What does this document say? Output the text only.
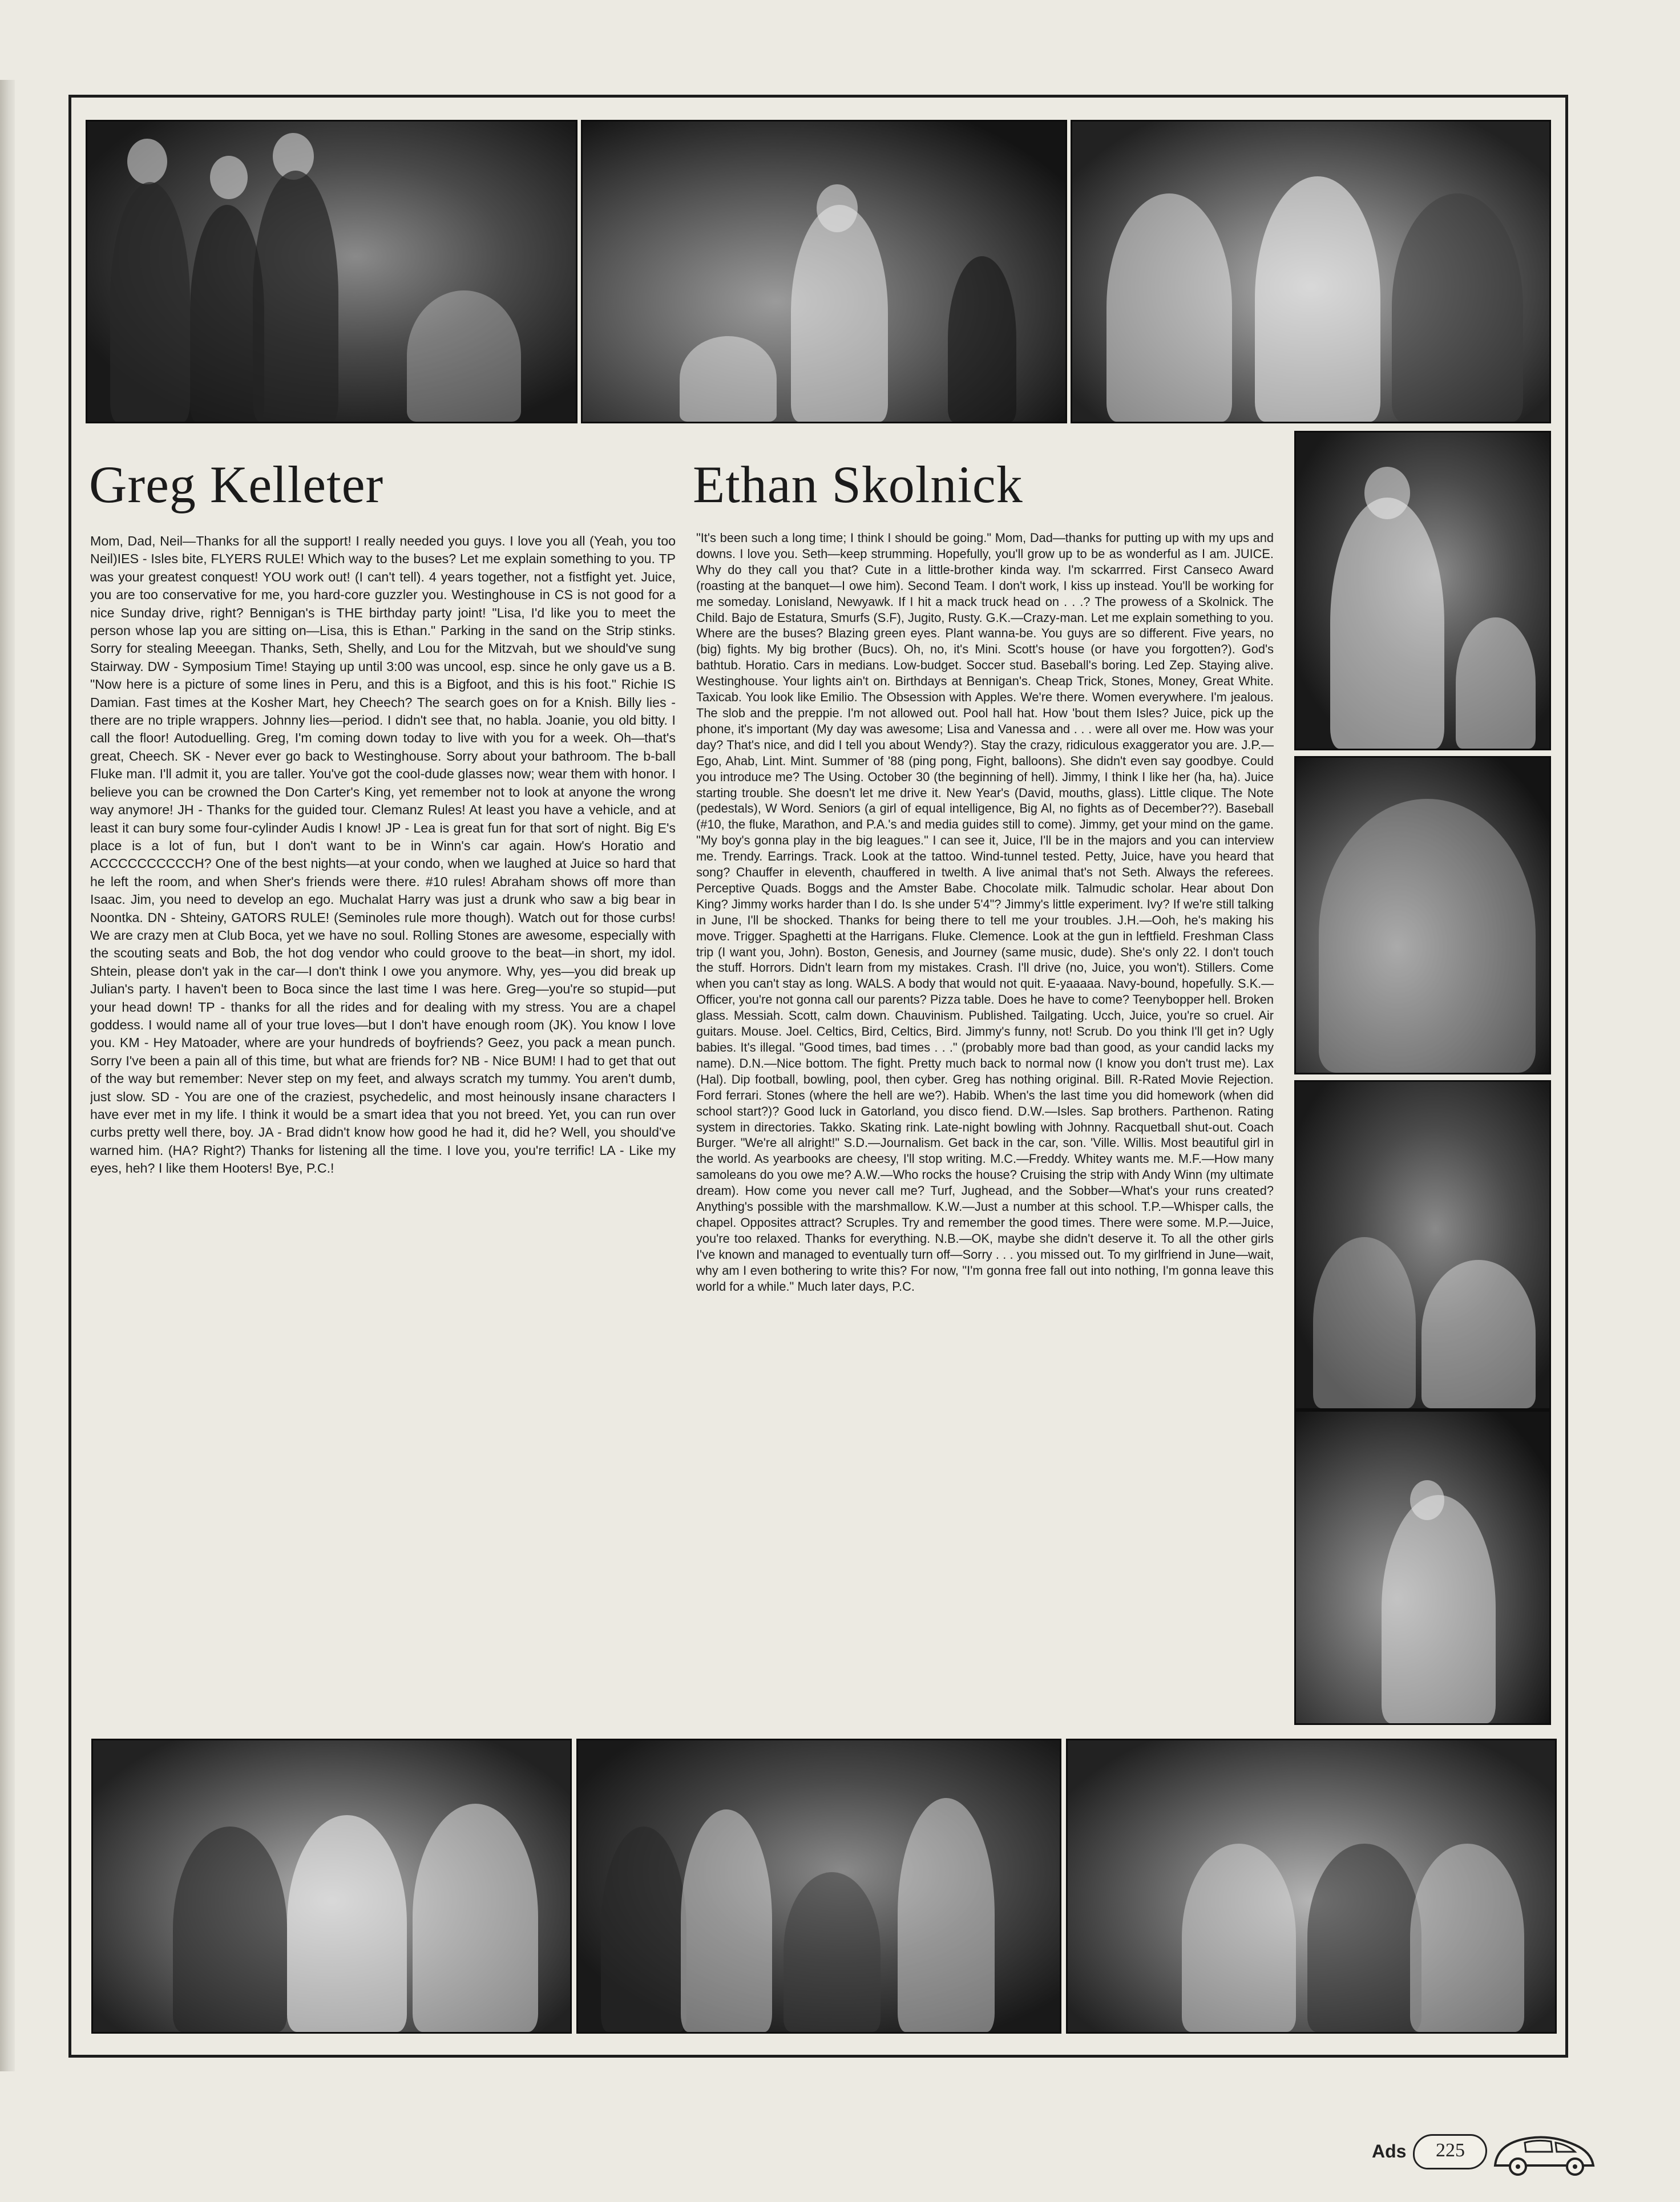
Greg Kelleter	Ethan Skolnick

Mom, Dad, Neil—Thanks for all the support! I really needed you guys. I love you all (Yeah, you too Neil)IES - Isles bite, FLYERS RULE! Which way to the buses? Let me explain something to you. TP was your greatest conquest! YOU work out! (I can't tell). 4 years together, not a fistfight yet. Juice, you are too conservative for me, you hard-core guzzler you. Westinghouse in CS is not good for a nice Sunday drive, right? Bennigan's is THE birthday party joint! "Lisa, I'd like you to meet the person whose lap you are sitting on—Lisa, this is Ethan." Parking in the sand on the Strip stinks. Sorry for stealing Meeegan. Thanks, Seth, Shelly, and Lou for the Mitzvah, but we should've sung Stairway. DW - Symposium Time! Staying up until 3:00 was uncool, esp. since he only gave us a B. "Now here is a picture of some lines in Peru, and this is a Bigfoot, and this is his foot." Richie IS Damian. Fast times at the Kosher Mart, hey Cheech? The search goes on for a Knish. Billy lies - there are no triple wrappers. Johnny lies—period. I didn't see that, no habla. Joanie, you old bitty. I call the floor! Autoduelling. Greg, I'm coming down today to live with you for a week. Oh—that's great, Cheech. SK - Never ever go back to Westinghouse. Sorry about your bathroom. The b-ball Fluke man. I'll admit it, you are taller. You've got the cool-dude glasses now; wear them with honor. I believe you can be crowned the Don Carter's King, yet remember not to look at anyone the wrong way anymore! JH - Thanks for the guided tour. Clemanz Rules! At least you have a vehicle, and at least it can bury some four-cylinder Audis I know! JP - Lea is great fun for that sort of night. Big E's place is a lot of fun, but I don't want to be in Winn's car again. How's Horatio and ACCCCCCCCCCH? One of the best nights—at your condo, when we laughed at Juice so hard that he left the room, and when Sher's friends were there. #10 rules! Abraham shows off more than Isaac. Jim, you need to develop an ego. Muchalat Harry was just a drunk who saw a big bear in Noontka. DN - Shteiny, GATORS RULE! (Seminoles rule more though). Watch out for those curbs! We are crazy men at Club Boca, yet we have no soul. Rolling Stones are awesome, especially with the scouting seats and Bob, the hot dog vendor who could groove to the beat—in short, my idol. Shtein, please don't yak in the car—I don't think I owe you anymore. Why, yes—you did break up Julian's party. I haven't been to Boca since the last time I was here. Greg—you're so stupid—put your head down! TP - thanks for all the rides and for dealing with my stress. You are a chapel goddess. I would name all of your true loves—but I don't have enough room (JK). You know I love you. KM - Hey Matoader, where are your hundreds of boyfriends? Geez, you pack a mean punch. Sorry I've been a pain all of this time, but what are friends for? NB - Nice BUM! I had to get that out of the way but remember: Never step on my feet, and always scratch my tummy. You aren't dumb, just slow. SD - You are one of the craziest, psychedelic, and most heinously insane characters I have ever met in my life. I think it would be a smart idea that you not breed. Yet, you can run over curbs pretty well there, boy. JA - Brad didn't know how good he had it, did he? Well, you should've warned him. (HA? Right?) Thanks for listening all the time. I love you, you're terrific! LA - Like my eyes, heh? I like them Hooters! Bye, P.C.!

"It's been such a long time; I think I should be going." Mom, Dad—thanks for putting up with my ups and downs. I love you. Seth—keep strumming. Hopefully, you'll grow up to be as wonderful as I am. JUICE. Why do they call you that? Cute in a little-brother kinda way. I'm sckarrred. First Canseco Award (roasting at the banquet—I owe him). Second Team. I don't work, I kiss up instead. You'll be working for me someday. Lonisland, Newyawk. If I hit a mack truck head on . . .? The prowess of a Skolnick. The Child. Bajo de Estatura, Smurfs (S.F), Jugito, Rusty. G.K.—Crazy-man. Let me explain something to you. Where are the buses? Blazing green eyes. Plant wanna-be. You guys are so different. Five years, no (big) fights. My big brother (Bucs). Oh, no, it's Mini. Scott's house (or have you forgotten?). God's bathtub. Horatio. Cars in medians. Low-budget. Soccer stud. Baseball's boring. Led Zep. Staying alive. Westinghouse. Your lights ain't on. Birthdays at Bennigan's. Cheap Trick, Stones, Money, Great White. Taxicab. You look like Emilio. The Obsession with Apples. We're there. Women everywhere. I'm jealous. The slob and the preppie. I'm not allowed out. Pool hall hat. How 'bout them Isles? Juice, pick up the phone, it's important (My day was awesome; Lisa and Vanessa and . . . were all over me. How was your day? That's nice, and did I tell you about Wendy?). Stay the crazy, ridiculous exaggerator you are. J.P.—Ego, Ahab, Lint. Mint. Summer of '88 (ping pong, Fight, balloons). She didn't even say goodbye. Could you introduce me? The Using. October 30 (the beginning of hell). Jimmy, I think I like her (ha, ha). Juice starting trouble. She doesn't let me drive it. New Year's (David, mouths, glass). Little clique. The Note (pedestals), W Word. Seniors (a girl of equal intelligence, Big Al, no fights as of December??). Baseball (#10, the fluke, Marathon, and P.A.'s and media guides still to come). Jimmy, get your mind on the game. "My boy's gonna play in the big leagues." I can see it, Juice, I'll be in the majors and you can interview me. Trendy. Earrings. Track. Look at the tattoo. Wind-tunnel tested. Petty, Juice, have you heard that song? Chauffer in eleventh, chauffered in twelth. A live animal that's not Seth. Always the referees. Perceptive Quads. Boggs and the Amster Babe. Chocolate milk. Talmudic scholar. Hear about Don King? Jimmy works harder than I do. Is she under 5'4"? Jimmy's little experiment. Ivy? If we're still talking in June, I'll be shocked. Thanks for being there to tell me your troubles. J.H.—Ooh, he's making his move. Trigger. Spaghetti at the Harrigans. Fluke. Clemence. Look at the gun in leftfield. Freshman Class trip (I want you, John). Boston, Genesis, and Journey (same music, dude). She's only 22. I don't touch the stuff. Horrors. Didn't learn from my mistakes. Crash. I'll drive (no, Juice, you won't). Stillers. Come when you can't stay as long. WALS. A body that would not quit. E-yaaaaa. Navy-bound, hopefully. S.K.—Officer, you're not gonna call our parents? Pizza table. Does he have to come? Teenybopper hell. Broken glass. Messiah. Scott, calm down. Chauvinism. Published. Tailgating. Ucch, Juice, you're so cruel. Air guitars. Mouse. Joel. Celtics, Bird, Celtics, Bird. Jimmy's funny, not! Scrub. Do you think I'll get in? Ugly babies. It's illegal. "Good times, bad times . . ." (probably more bad than good, as your candid lacks my name). D.N.—Nice bottom. The fight. Pretty much back to normal now (I know you don't trust me). Lax (Hal). Dip football, bowling, pool, then cyber. Greg has nothing original. Bill. R-Rated Movie Rejection. Ford ferrari. Stones (where the hell are we?). Habib. When's the last time you did homework (when did school start?)? Good luck in Gatorland, you disco fiend. D.W.—Isles. Sap brothers. Parthenon. Rating system in directories. Takko. Skating rink. Late-night bowling with Johnny. Racquetball shut-out. Coach Burger. "We're all alright!" S.D.—Journalism. Get back in the car, son. 'Ville. Willis. Most beautiful girl in the world. As yearbooks are cheesy, I'll stop writing. M.C.—Freddy. Whitey wants me. M.F.—How many samoleans do you owe me? A.W.—Who rocks the house? Cruising the strip with Andy Winn (my ultimate dream). How come you never call me? Turf, Jughead, and the Sobber—What's your runs created? Anything's possible with the marshmallow. K.W.—Just a number at this school. T.P.—Whisper calls, the chapel. Opposites attract? Scruples. Try and remember the good times. There were some. M.P.—Juice, you're too relaxed. Thanks for everything. N.B.—OK, maybe she didn't deserve it. To all the other girls I've known and managed to eventually turn off—Sorry . . . you missed out. To my girlfriend in June—wait, why am I even bothering to write this? For now, "I'm gonna free fall out into nothing, I'm gonna leave this world for a while." Much later days, P.C.

Ads	225
